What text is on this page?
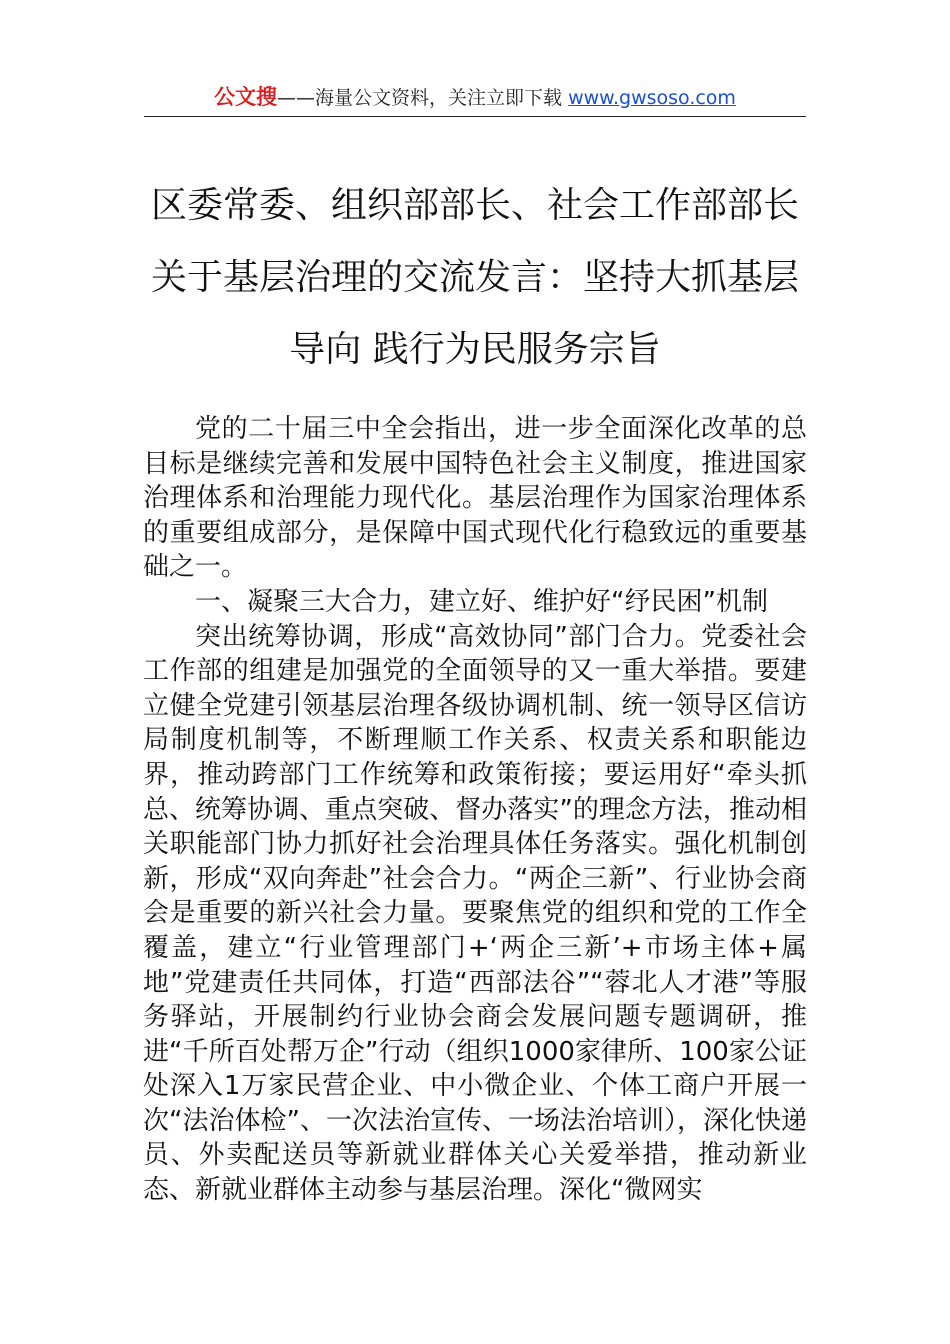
公文搜——海量公文资料，关注立即下载 www.gwsoso.com
区委常委、组织部部长、社会工作部部长
关于基层治理的交流发言：坚持大抓基层
导向 践行为民服务宗旨

党的二十届三中全会指出，进一步全面深化改革的总目标是继续完善和发展中国特色社会主义制度，推进国家治理体系和治理能力现代化。基层治理作为国家治理体系的重要组成部分，是保障中国式现代化行稳致远的重要基础之一。

一、凝聚三大合力，建立好、维护好“纾民困”机制

突出统筹协调，形成“高效协同”部门合力。党委社会工作部的组建是加强党的全面领导的又一重大举措。要建立健全党建引领基层治理各级协调机制、统一领导区信访局制度机制等，不断理顺工作关系、权责关系和职能边界，推动跨部门工作统筹和政策衔接；要运用好“牵头抓总、统筹协调、重点突破、督办落实”的理念方法，推动相关职能部门协力抓好社会治理具体任务落实。强化机制创新，形成“双向奔赴”社会合力。“两企三新”、行业协会商会是重要的新兴社会力量。要聚焦党的组织和党的工作全覆盖，建立“行业管理部门+‘两企三新’+市场主体+属地”党建责任共同体，打造“西部法谷”“蓉北人才港”等服务驿站，开展制约行业协会商会发展问题专题调研，推进“千所百处帮万企”行动（组织1000家律所、100家公证处深入1万家民营企业、中小微企业、个体工商户开展一次“法治体检”、一次法治宣传、一场法治培训），深化快递员、外卖配送员等新就业群体关心关爱举措，推动新业态、新就业群体主动参与基层治理。深化“微网实
